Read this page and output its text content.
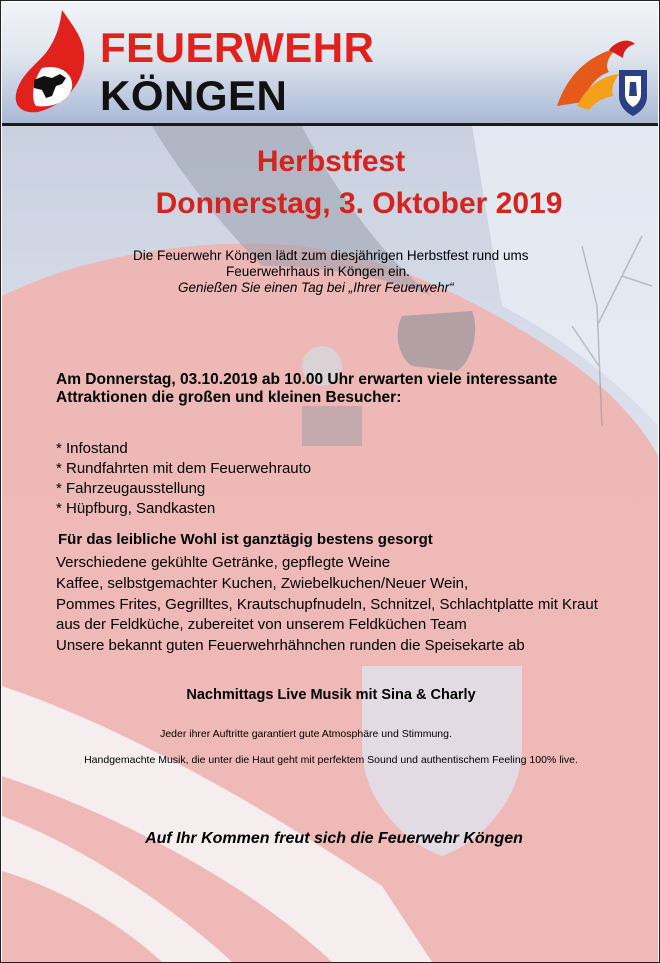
FEUERWEHR
KÖNGEN
Herbstfest
Donnerstag, 3. Oktober 2019
Die Feuerwehr Köngen lädt zum diesjährigen Herbstfest rund ums
Feuerwehrhaus in Köngen ein.
Genießen Sie einen Tag bei „Ihrer Feuerwehr“
Am Donnerstag, 03.10.2019 ab 10.00 Uhr erwarten viele interessante
Attraktionen die großen und kleinen Besucher:
* Infostand
* Rundfahrten mit dem Feuerwehrauto
* Fahrzeugausstellung
* Hüpfburg, Sandkasten
Für das leibliche Wohl ist ganztägig bestens gesorgt
Verschiedene gekühlte Getränke, gepflegte Weine
Kaffee, selbstgemachter Kuchen, Zwiebelkuchen/Neuer Wein,
Pommes Frites, Gegrilltes, Krautschupfnudeln, Schnitzel, Schlachtplatte mit Kraut
aus der Feldküche, zubereitet von unserem Feldküchen Team
Unsere bekannt guten Feuerwehrhähnchen runden die Speisekarte ab
Nachmittags Live Musik mit Sina & Charly
Jeder ihrer Auftritte garantiert gute Atmosphäre und Stimmung.
Handgemachte Musik, die unter die Haut geht mit perfektem Sound und authentischem Feeling 100% live.
Auf Ihr Kommen freut sich die Feuerwehr Köngen
